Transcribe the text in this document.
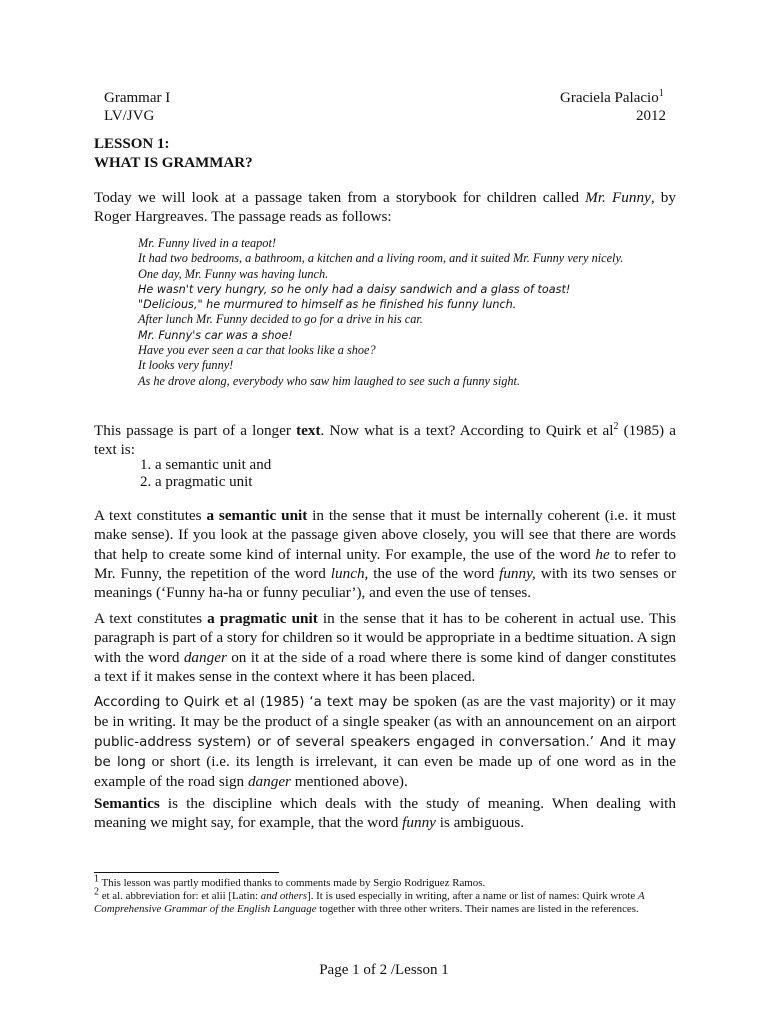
Grammar I
LV/JVG
Graciela Palacio$^1$
2012
LESSON 1:
WHAT IS GRAMMAR?

Today we will look at a passage taken from a storybook for children called Mr. Funny, by Roger Hargreaves. The passage reads as follows:

Mr. Funny lived in a teapot!
It had two bedrooms, a bathroom, a kitchen and a living room, and it suited Mr. Funny very nicely.
One day, Mr. Funny was having lunch.
He wasn't very hungry, so he only had a daisy sandwich and a glass of toast!
"Delicious," he murmured to himself as he finished his funny lunch.
After lunch Mr. Funny decided to go for a drive in his car.
Mr. Funny's car was a shoe!
Have you ever seen a car that looks like a shoe?
It looks very funny!
As he drove along, everybody who saw him laughed to see such a funny sight.

This passage is part of a longer text. Now what is a text? According to Quirk et $al^2$ (1985) a text is:

1. a semantic unit and
2. a pragmatic unit

A text constitutes a semantic unit in the sense that it must be internally coherent (i.e. it must make sense). If you look at the passage given above closely, you will see that there are words that help to create some kind of internal unity. For example, the use of the word he to refer to Mr. Funny, the repetition of the word lunch, the use of the word funny, with its two senses or meanings (‘Funny ha-ha or funny peculiar’), and even the use of tenses.

A text constitutes a pragmatic unit in the sense that it has to be coherent in actual use. This paragraph is part of a story for children so it would be appropriate in a bedtime situation. A sign with the word danger on it at the side of a road where there is some kind of danger constitutes a text if it makes sense in the context where it has been placed.

According to Quirk et al (1985) ‘a text may be spoken (as are the vast majority) or it may be in writing. It may be the product of a single speaker (as with an announcement on an airport public-address system) or of several speakers engaged in conversation.’ And it may be long or short (i.e. its length is irrelevant, it can even be made up of one word as in the example of the road sign danger mentioned above).

Semantics is the discipline which deals with the study of meaning. When dealing with meaning we might say, for example, that the word funny is ambiguous.

$^1$ This lesson was partly modified thanks to comments made by Sergio Rodriguez Ramos.
$^2$ et al. abbreviation for: et alii [Latin: and others]. It is used especially in writing, after a name or list of names: Quirk wrote A Comprehensive Grammar of the English Language together with three other writers. Their names are listed in the references.
Page 1 of 2 /Lesson 1
